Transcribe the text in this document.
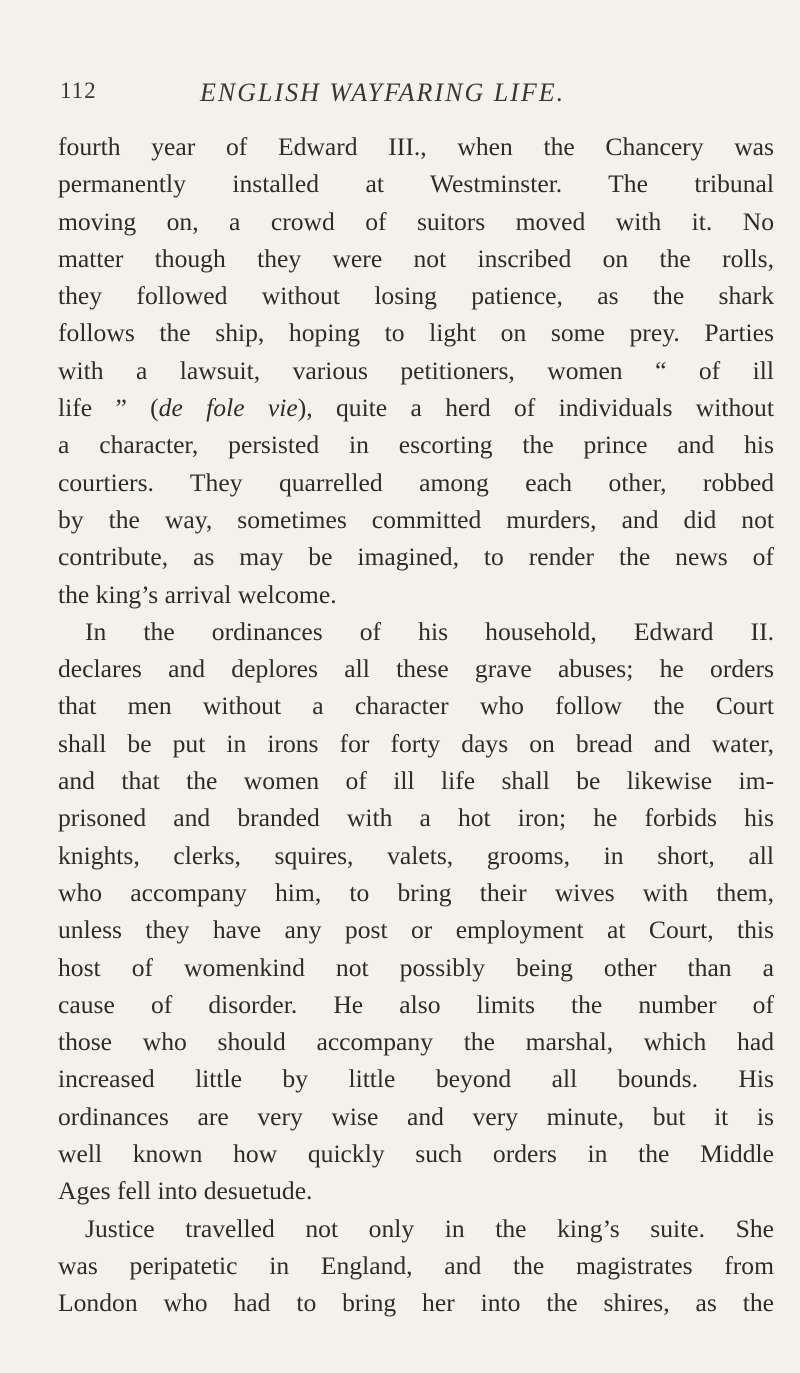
112	ENGLISH WAYFARING LIFE.
fourth year of Edward III., when the Chancery was
permanently installed at Westminster. The tribunal
moving on, a crowd of suitors moved with it. No
matter though they were not inscribed on the rolls,
they followed without losing patience, as the shark
follows the ship, hoping to light on some prey. Parties
with a lawsuit, various petitioners, women “ of ill
life ” (de fole vie), quite a herd of individuals without
a character, persisted in escorting the prince and his
courtiers. They quarrelled among each other, robbed
by the way, sometimes committed murders, and did not
contribute, as may be imagined, to render the news of
the king’s arrival welcome.
In the ordinances of his household, Edward II.
declares and deplores all these grave abuses; he orders
that men without a character who follow the Court
shall be put in irons for forty days on bread and water,
and that the women of ill life shall be likewise im-
prisoned and branded with a hot iron; he forbids his
knights, clerks, squires, valets, grooms, in short, all
who accompany him, to bring their wives with them,
unless they have any post or employment at Court, this
host of womenkind not possibly being other than a
cause of disorder. He also limits the number of
those who should accompany the marshal, which had
increased little by little beyond all bounds. His
ordinances are very wise and very minute, but it is
well known how quickly such orders in the Middle
Ages fell into desuetude.
Justice travelled not only in the king’s suite. She
was peripatetic in England, and the magistrates from
London who had to bring her into the shires, as the
